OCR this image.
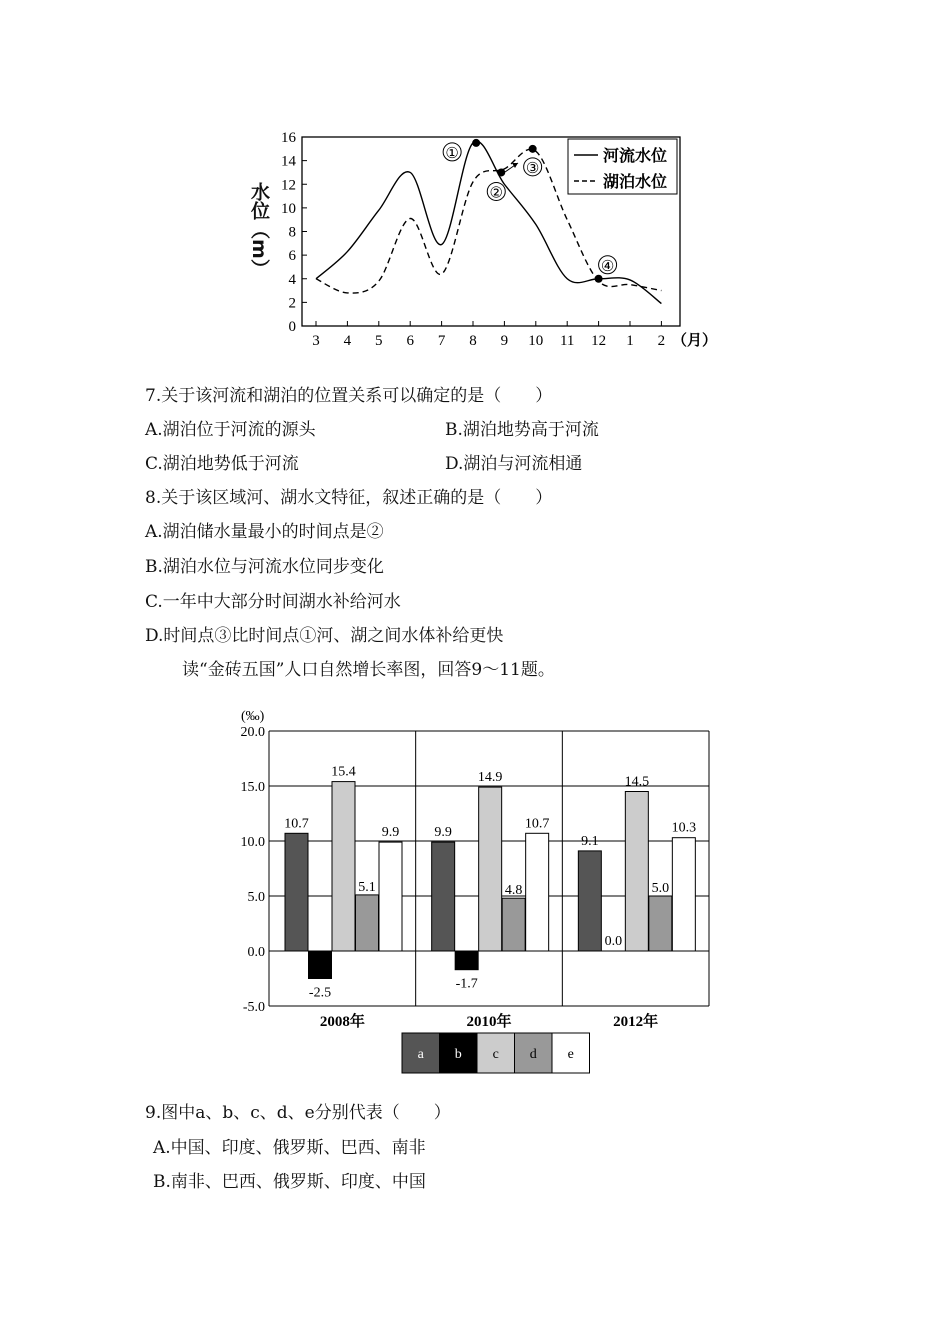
0
2
4
6
8
10
12
14
16
3 4 5 6 7 8 9 10 11 12 1 2 （月）
①
②
③
④
河流水位
湖泊水位
水位（m）
7.关于该河流和湖泊的位置关系可以确定的是（　　）
A.湖泊位于河流的源头	B.湖泊地势高于河流
C.湖泊地势低于河流	D.湖泊与河流相通
8.关于该区域河、湖水文特征，叙述正确的是（　　）
A.湖泊储水量最小的时间点是②
B.湖泊水位与河流水位同步变化
C.一年中大部分时间湖水补给河水
D.时间点③比时间点①河、湖之间水体补给更快
读“金砖五国”人口自然增长率图，回答9～11题。
(‰)
-5.0
0.0
5.0
10.0
15.0
20.0
2008年	2010年	2012年
10.7
-2.5
15.4
5.1
9.9	9.9
-1.7
14.9
4.8
10.7
9.1
0.0
14.5
5.0
10.3
a b c d e
9.图中a、b、c、d、e分别代表（　　）
A.中国、印度、俄罗斯、巴西、南非
B.南非、巴西、俄罗斯、印度、中国
